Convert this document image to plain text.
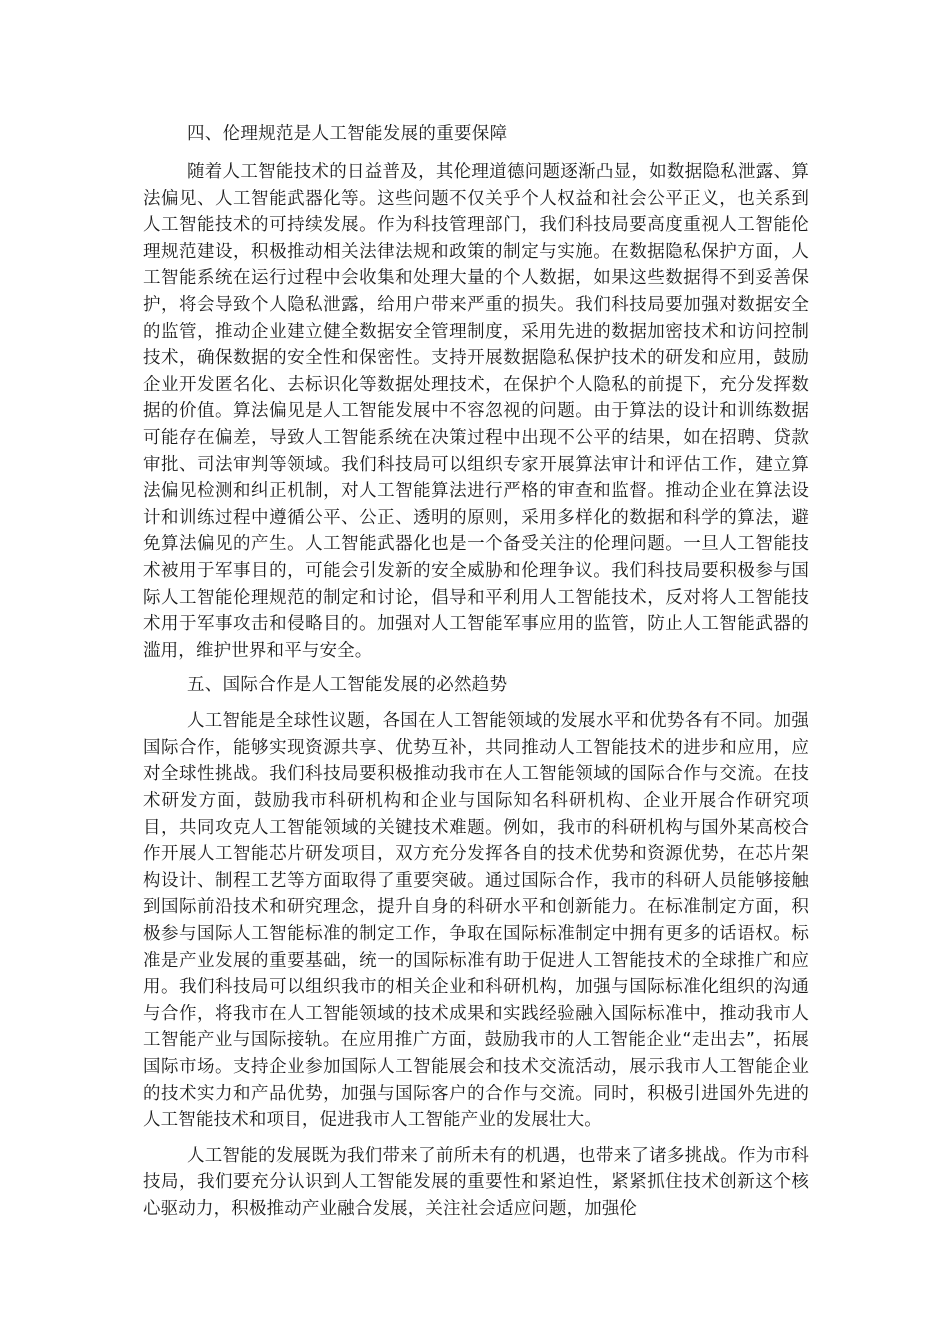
四、伦理规范是人工智能发展的重要保障

随着人工智能技术的日益普及，其伦理道德问题逐渐凸显，如数据隐私泄露、算法偏见、人工智能武器化等。这些问题不仅关乎个人权益和社会公平正义，也关系到人工智能技术的可持续发展。作为科技管理部门，我们科技局要高度重视人工智能伦理规范建设，积极推动相关法律法规和政策的制定与实施。在数据隐私保护方面，人工智能系统在运行过程中会收集和处理大量的个人数据，如果这些数据得不到妥善保护，将会导致个人隐私泄露，给用户带来严重的损失。我们科技局要加强对数据安全的监管，推动企业建立健全数据安全管理制度，采用先进的数据加密技术和访问控制技术，确保数据的安全性和保密性。支持开展数据隐私保护技术的研发和应用，鼓励企业开发匿名化、去标识化等数据处理技术，在保护个人隐私的前提下，充分发挥数据的价值。算法偏见是人工智能发展中不容忽视的问题。由于算法的设计和训练数据可能存在偏差，导致人工智能系统在决策过程中出现不公平的结果，如在招聘、贷款审批、司法审判等领域。我们科技局可以组织专家开展算法审计和评估工作，建立算法偏见检测和纠正机制，对人工智能算法进行严格的审查和监督。推动企业在算法设计和训练过程中遵循公平、公正、透明的原则，采用多样化的数据和科学的算法，避免算法偏见的产生。人工智能武器化也是一个备受关注的伦理问题。一旦人工智能技术被用于军事目的，可能会引发新的安全威胁和伦理争议。我们科技局要积极参与国际人工智能伦理规范的制定和讨论，倡导和平利用人工智能技术，反对将人工智能技术用于军事攻击和侵略目的。加强对人工智能军事应用的监管，防止人工智能武器的滥用，维护世界和平与安全。

五、国际合作是人工智能发展的必然趋势

人工智能是全球性议题，各国在人工智能领域的发展水平和优势各有不同。加强国际合作，能够实现资源共享、优势互补，共同推动人工智能技术的进步和应用，应对全球性挑战。我们科技局要积极推动我市在人工智能领域的国际合作与交流。在技术研发方面，鼓励我市科研机构和企业与国际知名科研机构、企业开展合作研究项目，共同攻克人工智能领域的关键技术难题。例如，我市的科研机构与国外某高校合作开展人工智能芯片研发项目，双方充分发挥各自的技术优势和资源优势，在芯片架构设计、制程工艺等方面取得了重要突破。通过国际合作，我市的科研人员能够接触到国际前沿技术和研究理念，提升自身的科研水平和创新能力。在标准制定方面，积极参与国际人工智能标准的制定工作，争取在国际标准制定中拥有更多的话语权。标准是产业发展的重要基础，统一的国际标准有助于促进人工智能技术的全球推广和应用。我们科技局可以组织我市的相关企业和科研机构，加强与国际标准化组织的沟通与合作，将我市在人工智能领域的技术成果和实践经验融入国际标准中，推动我市人工智能产业与国际接轨。在应用推广方面，鼓励我市的人工智能企业“走出去”，拓展国际市场。支持企业参加国际人工智能展会和技术交流活动，展示我市人工智能企业的技术实力和产品优势，加强与国际客户的合作与交流。同时，积极引进国外先进的人工智能技术和项目，促进我市人工智能产业的发展壮大。

人工智能的发展既为我们带来了前所未有的机遇，也带来了诸多挑战。作为市科技局，我们要充分认识到人工智能发展的重要性和紧迫性，紧紧抓住技术创新这个核心驱动力，积极推动产业融合发展，关注社会适应问题，加强伦
